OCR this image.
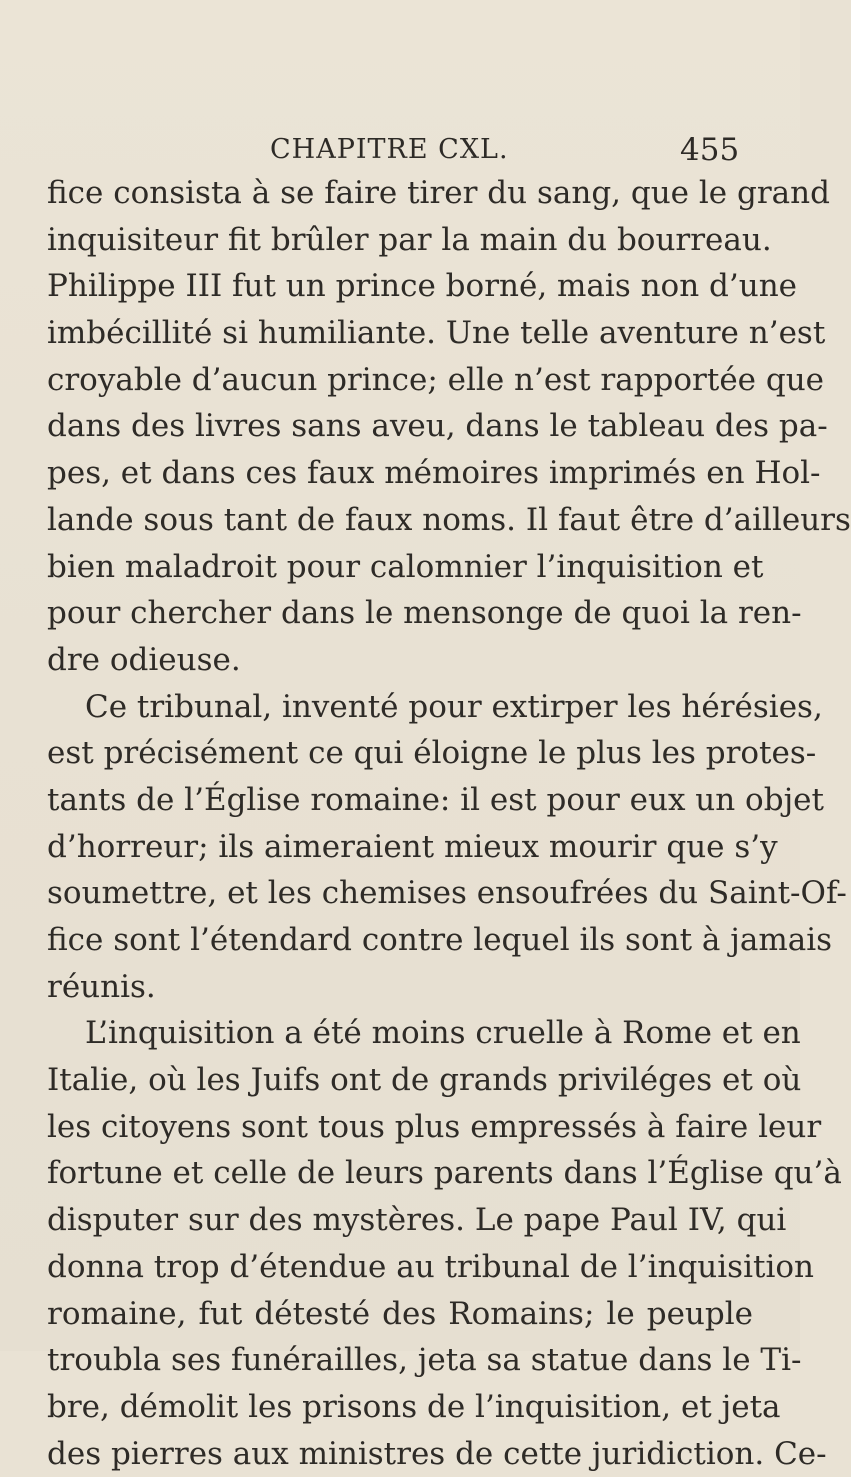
CHAPITRE CXL.	455
fice consista à se faire tirer du sang, que le grand
inquisiteur fit brûler par la main du bourreau.
Philippe III fut un prince borné, mais non d’une
imbécillité si humiliante. Une telle aventure n’est
croyable d’aucun prince; elle n’est rapportée que
dans des livres sans aveu, dans le tableau des pa-
pes, et dans ces faux mémoires imprimés en Hol-
lande sous tant de faux noms. Il faut être d’ailleurs
bien maladroit pour calomnier l’inquisition et
pour chercher dans le mensonge de quoi la ren-
dre odieuse.
Ce tribunal, inventé pour extirper les hérésies,
est précisément ce qui éloigne le plus les protes-
tants de l’Église romaine: il est pour eux un objet
d’horreur; ils aimeraient mieux mourir que s’y
soumettre, et les chemises ensoufrées du Saint-Of-
fice sont l’étendard contre lequel ils sont à jamais
réunis.
L’inquisition a été moins cruelle à Rome et en
Italie, où les Juifs ont de grands priviléges et où
les citoyens sont tous plus empressés à faire leur
fortune et celle de leurs parents dans l’Église qu’à
disputer sur des mystères. Le pape Paul IV, qui
donna trop d’étendue au tribunal de l’inquisition
romaine, fut détesté des Romains; le peuple
troubla ses funérailles, jeta sa statue dans le Ti-
bre, démolit les prisons de l’inquisition, et jeta
des pierres aux ministres de cette juridiction. Ce-
